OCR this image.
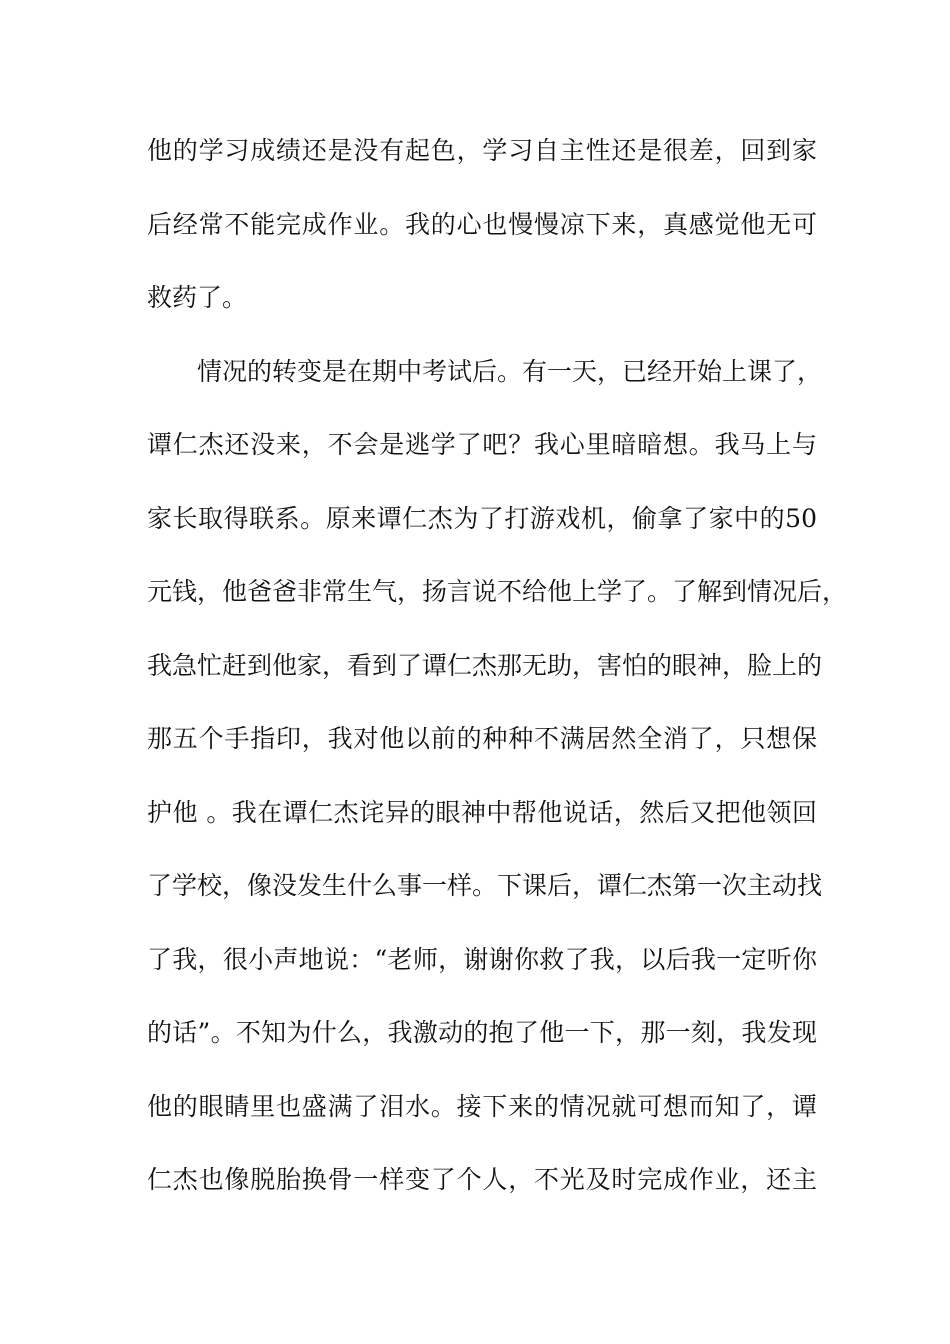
他的学习成绩还是没有起色，学习自主性还是很差，回到家
后经常不能完成作业。我的心也慢慢凉下来，真感觉他无可
救药了。
　　情况的转变是在期中考试后。有一天，已经开始上课了，
谭仁杰还没来，不会是逃学了吧？我心里暗暗想。我马上与
家长取得联系。原来谭仁杰为了打游戏机，偷拿了家中的50
元钱，他爸爸非常生气，扬言说不给他上学了。了解到情况后，
我急忙赶到他家，看到了谭仁杰那无助，害怕的眼神，脸上的
那五个手指印，我对他以前的种种不满居然全消了，只想保
护他 。我在谭仁杰诧异的眼神中帮他说话，然后又把他领回
了学校，像没发生什么事一样。下课后，谭仁杰第一次主动找
了我，很小声地说：“老师，谢谢你救了我，以后我一定听你
的话”。不知为什么，我激动的抱了他一下，那一刻，我发现
他的眼睛里也盛满了泪水。接下来的情况就可想而知了，谭
仁杰也像脱胎换骨一样变了个人，不光及时完成作业，还主
